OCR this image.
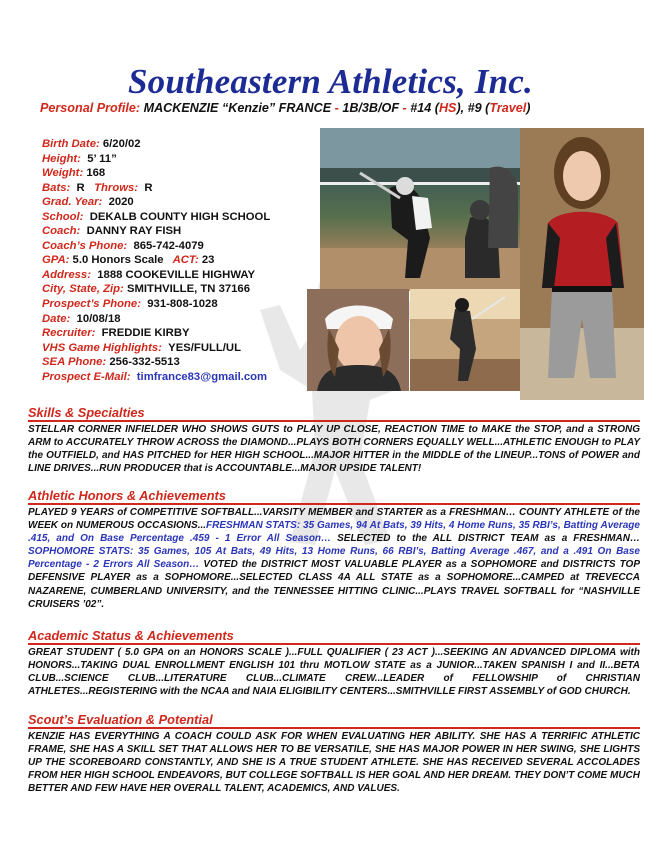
Southeastern Athletics, Inc.
Personal Profile: MACKENZIE “Kenzie” FRANCE - 1B/3B/OF - #14 (HS), #9 (Travel)
Birth Date: 6/20/02
Height: 5’ 11”
Weight: 168
Bats: R Throws: R
Grad. Year: 2020
School: DEKALB COUNTY HIGH SCHOOL
Coach: DANNY RAY FISH
Coach’s Phone: 865-742-4079
GPA: 5.0 Honors Scale ACT: 23
Address: 1888 COOKEVILLE HIGHWAY
City, State, Zip: SMITHVILLE, TN 37166
Prospect’s Phone: 931-808-1028
Date: 10/08/18
Recruiter: FREDDIE KIRBY
VHS Game Highlights: YES/FULL/UL
SEA Phone: 256-332-5513
Prospect E-Mail: timfrance83@gmail.com
Skills & Specialties
STELLAR CORNER INFIELDER WHO SHOWS GUTS to PLAY UP CLOSE, REACTION TIME to MAKE the STOP, and a STRONG ARM to ACCURATELY THROW ACROSS the DIAMOND...PLAYS BOTH CORNERS EQUALLY WELL...ATHLETIC ENOUGH to PLAY the OUTFIELD, and HAS PITCHED for HER HIGH SCHOOL...MAJOR HITTER in the MIDDLE of the LINEUP...TONS of POWER and LINE DRIVES...RUN PRODUCER that is ACCOUNTABLE...MAJOR UPSIDE TALENT!
Athletic Honors & Achievements
PLAYED 9 YEARS of COMPETITIVE SOFTBALL...VARSITY MEMBER and STARTER as a FRESHMAN… COUNTY ATHLETE of the WEEK on NUMEROUS OCCASIONS...FRESHMAN STATS: 35 Games, 94 At Bats, 39 Hits, 4 Home Runs, 35 RBI’s, Batting Average .415, and On Base Percentage .459 - 1 Error All Season… SELECTED to the ALL DISTRICT TEAM as a FRESHMAN…SOPHOMORE STATS: 35 Games, 105 At Bats, 49 Hits, 13 Home Runs, 66 RBI’s, Batting Average .467, and a .491 On Base Percentage - 2 Errors All Season… VOTED the DISTRICT MOST VALUABLE PLAYER as a SOPHOMORE and DISTRICTS TOP DEFENSIVE PLAYER as a SOPHOMORE...SELECTED CLASS 4A ALL STATE as a SOPHOMORE...CAMPED at TREVECCA NAZARENE, CUMBERLAND UNIVERSITY, and the TENNESSEE HITTING CLINIC...PLAYS TRAVEL SOFTBALL for “NASHVILLE CRUISERS ’02”.
Academic Status & Achievements
GREAT STUDENT ( 5.0 GPA on an HONORS SCALE )...FULL QUALIFIER ( 23 ACT )...SEEKING AN ADVANCED DIPLOMA with HONORS...TAKING DUAL ENROLLMENT ENGLISH 101 thru MOTLOW STATE as a JUNIOR...TAKEN SPANISH I and II...BETA CLUB...SCIENCE CLUB...LITERATURE CLUB...CLIMATE CREW...LEADER of FELLOWSHIP of CHRISTIAN ATHLETES...REGISTERING with the NCAA and NAIA ELIGIBILITY CENTERS...SMITHVILLE FIRST ASSEMBLY of GOD CHURCH.
Scout’s Evaluation & Potential
KENZIE HAS EVERYTHING A COACH COULD ASK FOR WHEN EVALUATING HER ABILITY. SHE HAS A TERRIFIC ATHLETIC FRAME, SHE HAS A SKILL SET THAT ALLOWS HER TO BE VERSATILE, SHE HAS MAJOR POWER IN HER SWING, SHE LIGHTS UP THE SCOREBOARD CONSTANTLY, AND SHE IS A TRUE STUDENT ATHLETE. SHE HAS RECEIVED SEVERAL ACCOLADES FROM HER HIGH SCHOOL ENDEAVORS, BUT COLLEGE SOFTBALL IS HER GOAL AND HER DREAM. THEY DON’T COME MUCH BETTER AND FEW HAVE HER OVERALL TALENT, ACADEMICS, AND VALUES.
